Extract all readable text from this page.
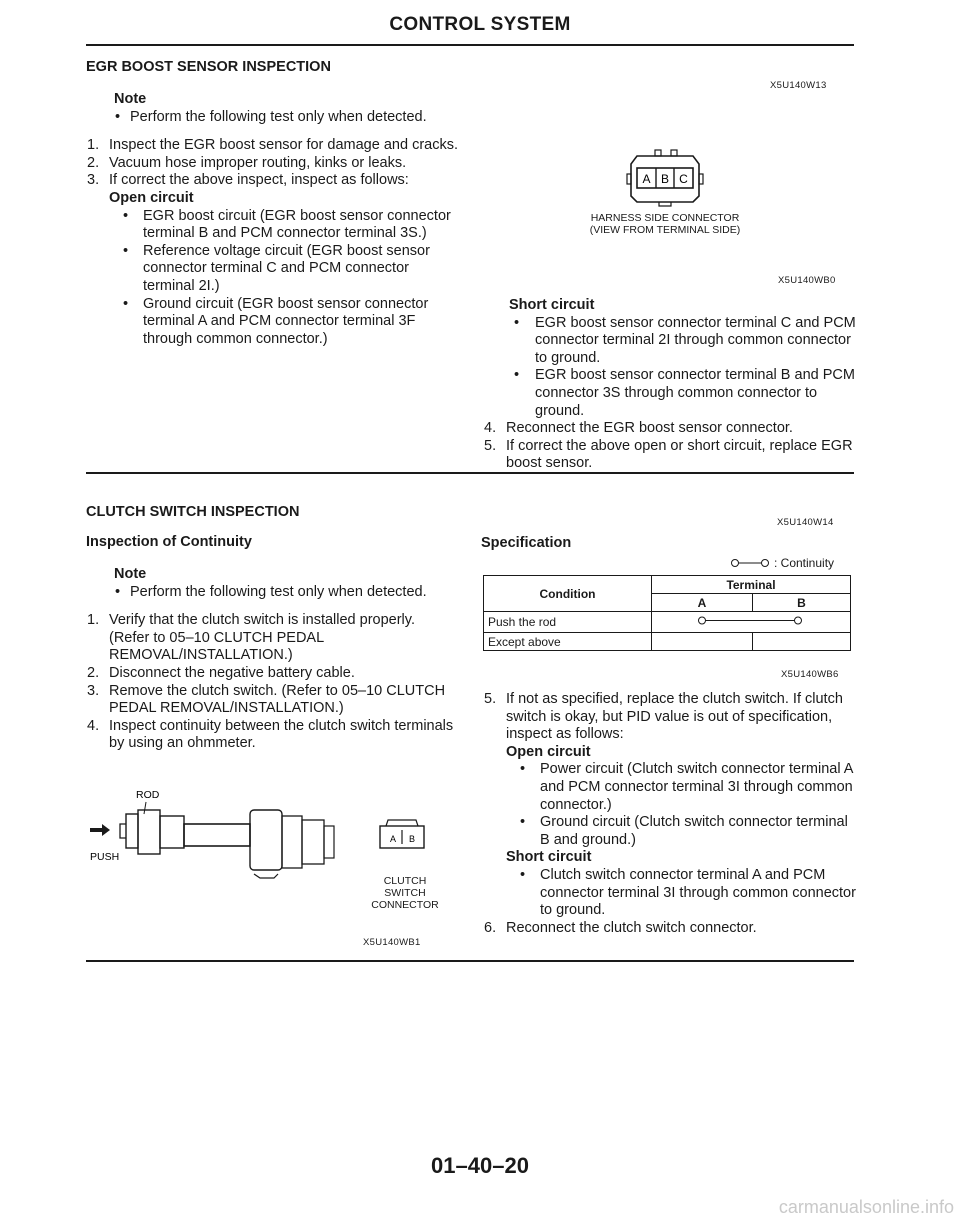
CONTROL SYSTEM
EGR BOOST SENSOR INSPECTION
X5U140W13
Note
• Perform the following test only when detected.
1. Inspect the EGR boost sensor for damage and cracks.
2. Vacuum hose improper routing, kinks or leaks.
3. If correct the above inspect, inspect as follows:
Open circuit
• EGR boost circuit (EGR boost sensor connector terminal B and PCM connector terminal 3S.)
• Reference voltage circuit (EGR boost sensor connector terminal C and PCM connector terminal 2I.)
• Ground circuit (EGR boost sensor connector terminal A and PCM connector terminal 3F through common connector.)
A B C
HARNESS SIDE CONNECTOR
(VIEW FROM TERMINAL SIDE)
X5U140WB0
Short circuit
• EGR boost sensor connector terminal C and PCM connector terminal 2I through common connector to ground.
• EGR boost sensor connector terminal B and PCM connector 3S through common connector to ground.
4. Reconnect the EGR boost sensor connector.
5. If correct the above open or short circuit, replace EGR boost sensor.
CLUTCH SWITCH INSPECTION
X5U140W14
Inspection of Continuity
Note
• Perform the following test only when detected.
1. Verify that the clutch switch is installed properly. (Refer to 05–10 CLUTCH PEDAL REMOVAL/INSTALLATION.)
2. Disconnect the negative battery cable.
3. Remove the clutch switch. (Refer to 05–10 CLUTCH PEDAL REMOVAL/INSTALLATION.)
4. Inspect continuity between the clutch switch terminals by using an ohmmeter.
ROD
PUSH
A B
CLUTCH
SWITCH
CONNECTOR
X5U140WB1
Specification
: Continuity
Condition	Terminal	
	A	B
Push the rod	
Except above		
X5U140WB6
5. If not as specified, replace the clutch switch. If clutch switch is okay, but PID value is out of specification, inspect as follows:
Open circuit
• Power circuit (Clutch switch connector terminal A and PCM connector terminal 3I through common connector.)
• Ground circuit (Clutch switch connector terminal B and ground.)
Short circuit
• Clutch switch connector terminal A and PCM connector terminal 3I through common connector to ground.
6. Reconnect the clutch switch connector.
01–40–20
carmanualsonline.info
